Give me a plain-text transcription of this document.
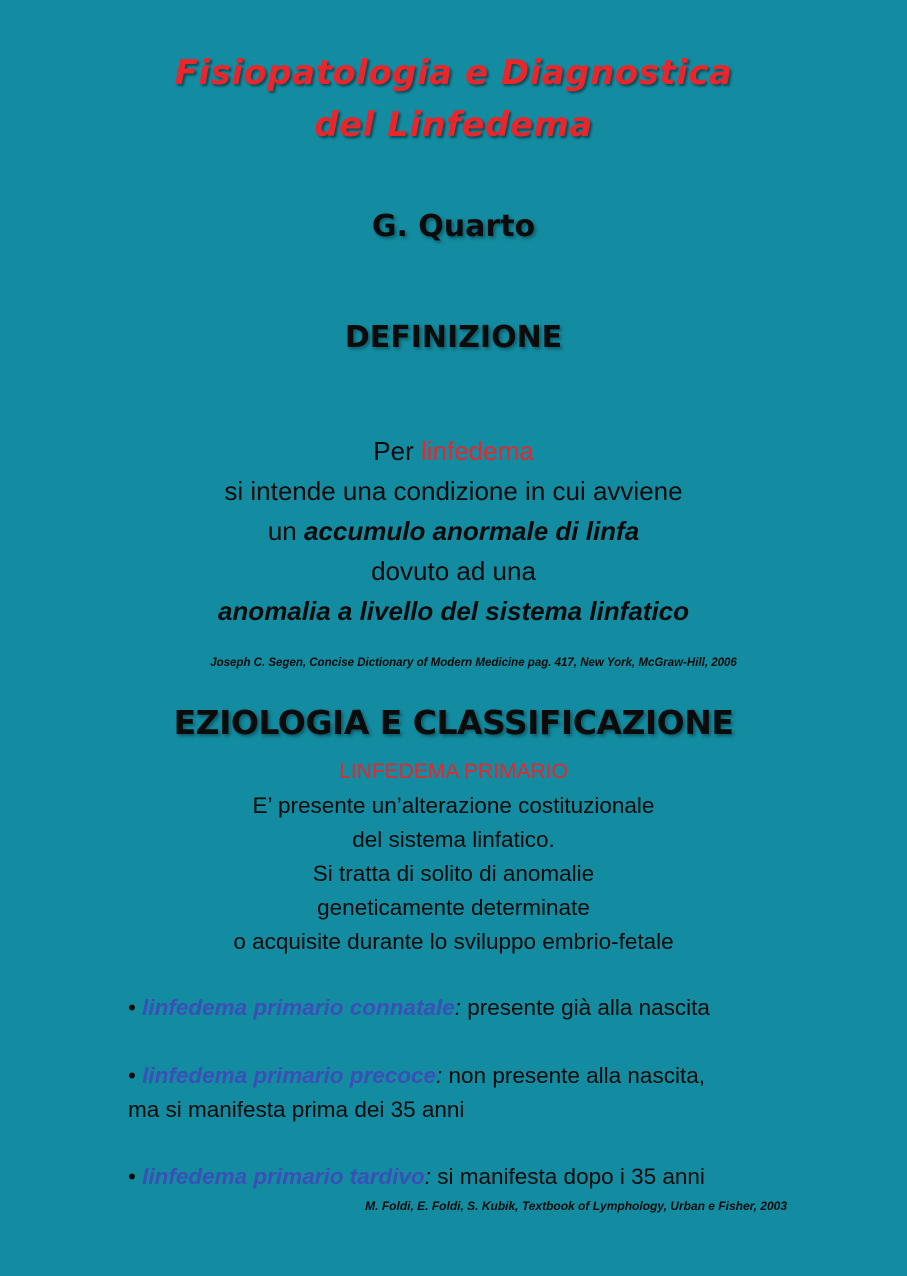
Fisiopatologia e Diagnostica
del Linfedema
G. Quarto
DEFINIZIONE
Per linfedema
si intende una condizione in cui avviene
un accumulo anormale di linfa
dovuto ad una
anomalia a livello del sistema linfatico
Joseph C. Segen, Concise Dictionary of Modern Medicine pag. 417, New York, McGraw-Hill, 2006
EZIOLOGIA E CLASSIFICAZIONE
LINFEDEMA PRIMARIO
E’ presente un’alterazione costituzionale
del sistema linfatico.
Si tratta di solito di anomalie
geneticamente determinate
o acquisite durante lo sviluppo embrio-fetale
• linfedema primario connatale: presente già alla nascita
• linfedema primario precoce: non presente alla nascita,
ma si manifesta prima dei 35 anni
• linfedema primario tardivo: si manifesta dopo i 35 anni
M. Foldi, E. Foldi, S. Kubik, Textbook of Lymphology, Urban e Fisher, 2003
